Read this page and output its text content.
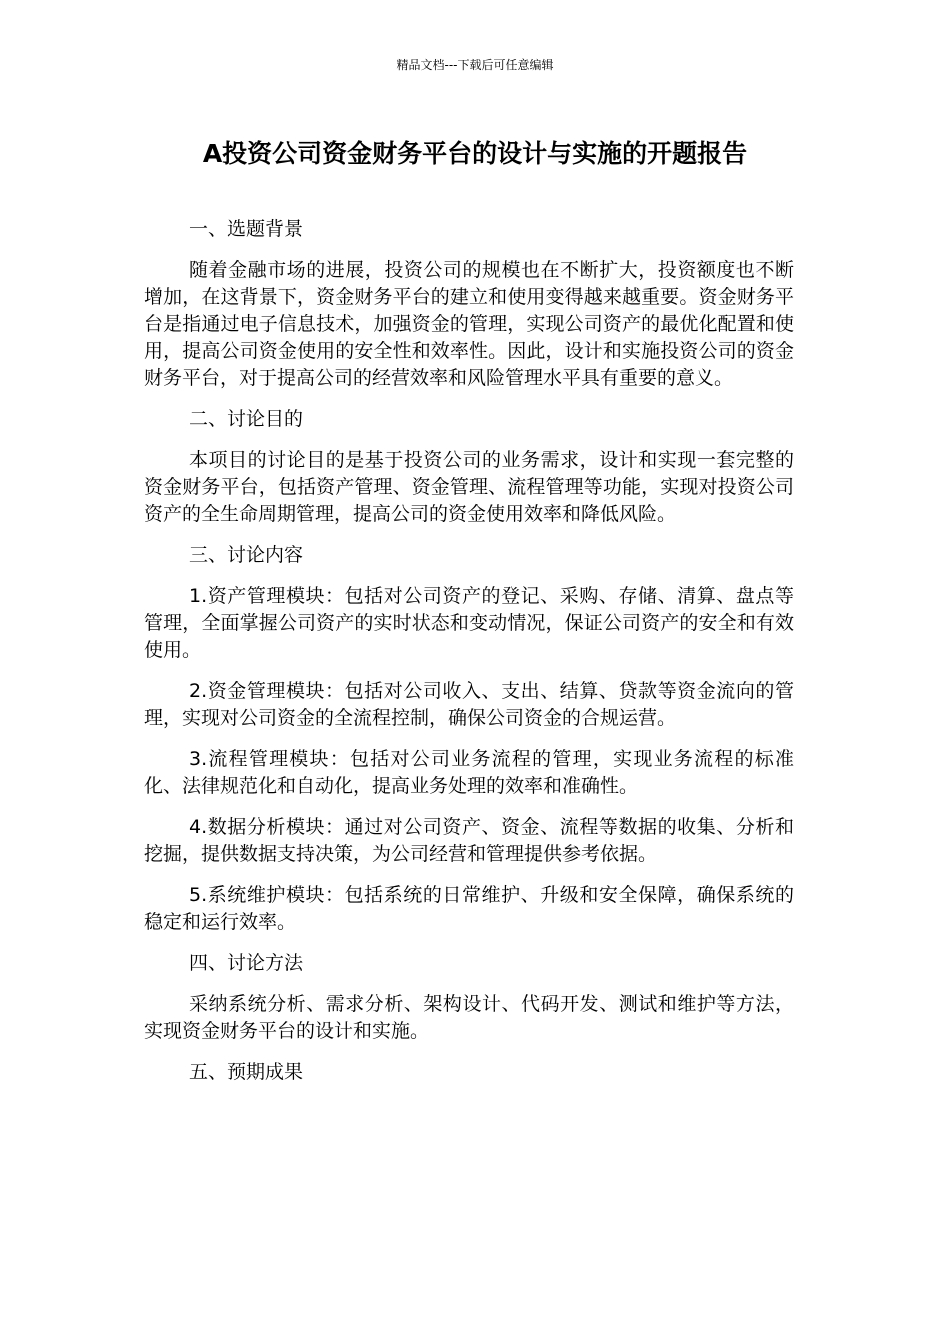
精品文档---下载后可任意编辑
A投资公司资金财务平台的设计与实施的开题报告

一、选题背景

随着金融市场的进展，投资公司的规模也在不断扩大，投资额度也不断增加，在这背景下，资金财务平台的建立和使用变得越来越重要。资金财务平台是指通过电子信息技术，加强资金的管理，实现公司资产的最优化配置和使用，提高公司资金使用的安全性和效率性。因此，设计和实施投资公司的资金财务平台，对于提高公司的经营效率和风险管理水平具有重要的意义。

二、讨论目的

本项目的讨论目的是基于投资公司的业务需求，设计和实现一套完整的资金财务平台，包括资产管理、资金管理、流程管理等功能，实现对投资公司资产的全生命周期管理，提高公司的资金使用效率和降低风险。

三、讨论内容

1.资产管理模块：包括对公司资产的登记、采购、存储、清算、盘点等管理，全面掌握公司资产的实时状态和变动情况，保证公司资产的安全和有效使用。

2.资金管理模块：包括对公司收入、支出、结算、贷款等资金流向的管理，实现对公司资金的全流程控制，确保公司资金的合规运营。

3.流程管理模块：包括对公司业务流程的管理，实现业务流程的标准化、法律规范化和自动化，提高业务处理的效率和准确性。

4.数据分析模块：通过对公司资产、资金、流程等数据的收集、分析和挖掘，提供数据支持决策，为公司经营和管理提供参考依据。

5.系统维护模块：包括系统的日常维护、升级和安全保障，确保系统的稳定和运行效率。

四、讨论方法

采纳系统分析、需求分析、架构设计、代码开发、测试和维护等方法，实现资金财务平台的设计和实施。

五、预期成果
